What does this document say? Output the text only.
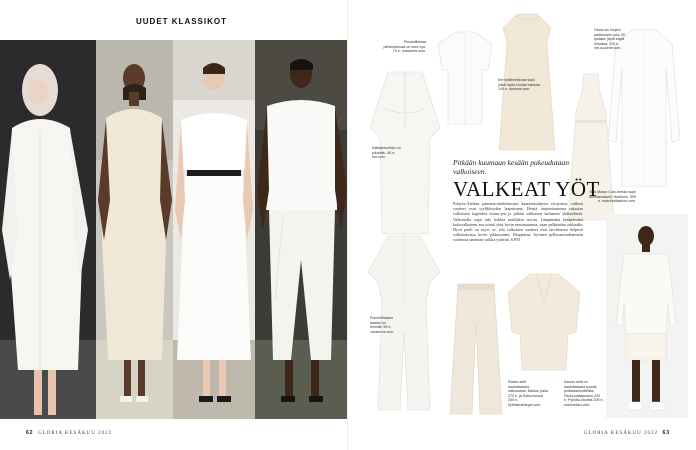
UUDET KLASSIKOT
62 GLORIA KESÄKUU 2022
Pluomiilleeiaa pellaneikoosa on ohut vyö. 79 e, cosstores.com.
Kerrostiiimekkosa sopii pitkä myös hiuskin kanssa. 149 e, samsoe.com.
Ostos voi hiojeni paitahuiven joko 30 ipstiata, jäyiä säyiä hihoissa. 229 e, net-a-porter.com.
Max Maran Caio-mekko sopii ammiamaiselii. Hankoon. 599 e, matchesfashion.com.
Kaftaanimekko on pikaräiiu. 80 e, hm.com.
Pitkään kuumaan kesään pukeudutaan valkoiseen.
VALKEAT YÖT
Pohjois-Afrikan paimentolaisheimojen kaunistusohjeen vii-poissit, valkeat vaatteet ovat tyylikkyyden laajentuma. Heistä inspiroituneena rakastan valkoisten kapeiden housu-jen ja pitkän valkoisen kaftaanin yhdistelmää. Valkoisella sopii tuki leikkiä muillakin tavoin. Lämpimänä kesäpäivänä kokovalkoinen asu toimii yhtä hyvin merimaisema, vaan pelkästään rakkaalla. Hyvä puoli on myös se, että valkoinen vaatteet ovat tarvittaessa helposti valkaistavissa kovin pikkuruinen. Eleganttaa, hyvinen pellavanvaaleammin vaaleassa ummarit vaikka ystävää. S.PM
Puhviihihaisen haalari on tenniilä. 59 e, cosstores.com.
Ranko-setti laadukkaasta viskoosista, Bardon paita 270 e, ja Sofia-housut 250 e, byMalenebirger.com.
Kaunis setti on laadukkaasta lyocell-pellavasekoitteista. Paulo-paitapusero 200 e, Pyilotto-shortsit 205 e, marimekko.com.
GLORIA KESÄKUU 2022 63
